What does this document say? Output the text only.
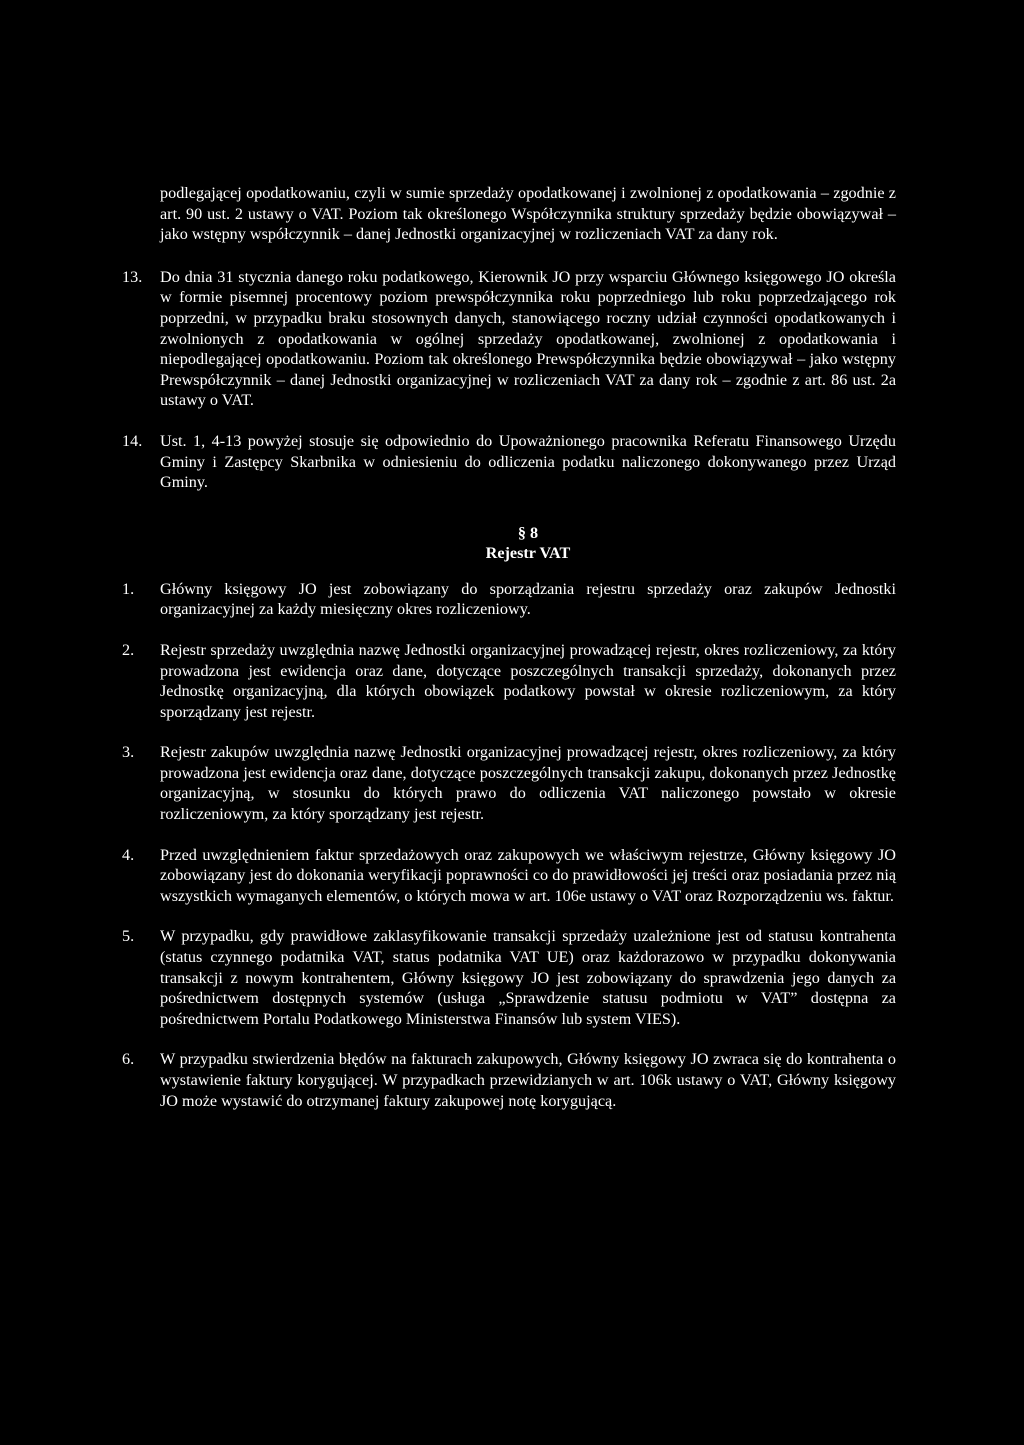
podlegającej opodatkowaniu, czyli w sumie sprzedaży opodatkowanej i zwolnionej z opodatkowania – zgodnie z art. 90 ust. 2 ustawy o VAT. Poziom tak określonego Współczynnika struktury sprzedaży będzie obowiązywał – jako wstępny współczynnik – danej Jednostki organizacyjnej w rozliczeniach VAT za dany rok.

13.	Do dnia 31 stycznia danego roku podatkowego, Kierownik JO przy wsparciu Głównego księgowego JO określa w formie pisemnej procentowy poziom prewspółczynnika roku poprzedniego lub roku poprzedzającego rok poprzedni, w przypadku braku stosownych danych, stanowiącego roczny udział czynności opodatkowanych i zwolnionych z opodatkowania w ogólnej sprzedaży opodatkowanej, zwolnionej z opodatkowania i niepodlegającej opodatkowaniu. Poziom tak określonego Prewspółczynnika będzie obowiązywał – jako wstępny Prewspółczynnik – danej Jednostki organizacyjnej w rozliczeniach VAT za dany rok – zgodnie z art. 86 ust. 2a ustawy o VAT.
14.	Ust. 1, 4-13 powyżej stosuje się odpowiednio do Upoważnionego pracownika Referatu Finansowego Urzędu Gminy i Zastępcy Skarbnika w odniesieniu do odliczenia podatku naliczonego dokonywanego przez Urząd Gminy.

§ 8

Rejestr VAT

1.	Główny księgowy JO jest zobowiązany do sporządzania rejestru sprzedaży oraz zakupów Jednostki organizacyjnej za każdy miesięczny okres rozliczeniowy.
2.	Rejestr sprzedaży uwzględnia nazwę Jednostki organizacyjnej prowadzącej rejestr, okres rozliczeniowy, za który prowadzona jest ewidencja oraz dane, dotyczące poszczególnych transakcji sprzedaży, dokonanych przez Jednostkę organizacyjną, dla których obowiązek podatkowy powstał w okresie rozliczeniowym, za który sporządzany jest rejestr.
3.	Rejestr zakupów uwzględnia nazwę Jednostki organizacyjnej prowadzącej rejestr, okres rozliczeniowy, za który prowadzona jest ewidencja oraz dane, dotyczące poszczególnych transakcji zakupu, dokonanych przez Jednostkę organizacyjną, w stosunku do których prawo do odliczenia VAT naliczonego powstało w okresie rozliczeniowym, za który sporządzany jest rejestr.
4.	Przed uwzględnieniem faktur sprzedażowych oraz zakupowych we właściwym rejestrze, Główny księgowy JO zobowiązany jest do dokonania weryfikacji poprawności co do prawidłowości jej treści oraz posiadania przez nią wszystkich wymaganych elementów, o których mowa w art. 106e ustawy o VAT oraz Rozporządzeniu ws. faktur.
5.	W przypadku, gdy prawidłowe zaklasyfikowanie transakcji sprzedaży uzależnione jest od statusu kontrahenta (status czynnego podatnika VAT, status podatnika VAT UE) oraz każdorazowo w przypadku dokonywania transakcji z nowym kontrahentem, Główny księgowy JO jest zobowiązany do sprawdzenia jego danych za pośrednictwem dostępnych systemów (usługa „Sprawdzenie statusu podmiotu w VAT” dostępna za pośrednictwem Portalu Podatkowego Ministerstwa Finansów lub system VIES).
6.	W przypadku stwierdzenia błędów na fakturach zakupowych, Główny księgowy JO zwraca się do kontrahenta o wystawienie faktury korygującej. W przypadkach przewidzianych w art. 106k ustawy o VAT, Główny księgowy JO może wystawić do otrzymanej faktury zakupowej notę korygującą.
